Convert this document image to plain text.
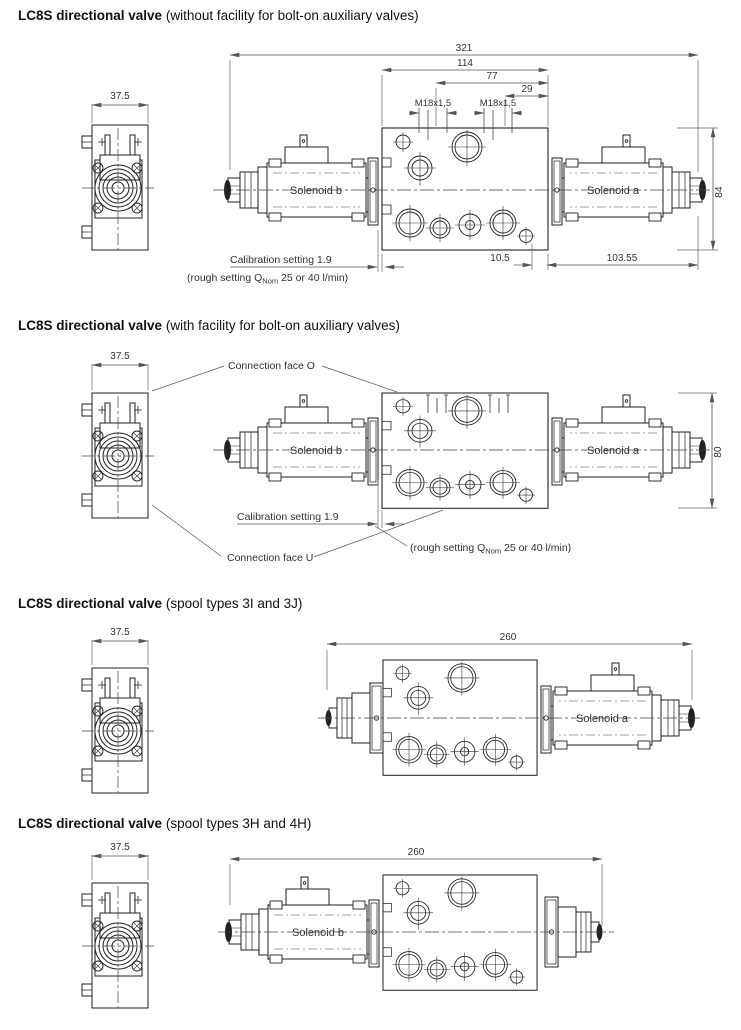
LC8S directional valve (without facility for bolt-on auxiliary valves)
37.5
Solenoid b	Solenoid a
321
114
77
29
M18x1,5	M18x1,5
84
10.5	103.55
Calibration setting 1.9
(rough setting $Q_{Nom}$ 25 or 40 l/min)
LC8S directional valve (with facility for bolt-on auxiliary valves)
37.5
Solenoid b	Solenoid a	80
Connection face O
Calibration setting 1.9
Connection face U
(rough setting $Q_{Nom}$ 25 or 40 l/min)
LC8S directional valve (spool types 3I and 3J)
37.5	260
Solenoid a
LC8S directional valve (spool types 3H and 4H)
37.5	260
Solenoid b
